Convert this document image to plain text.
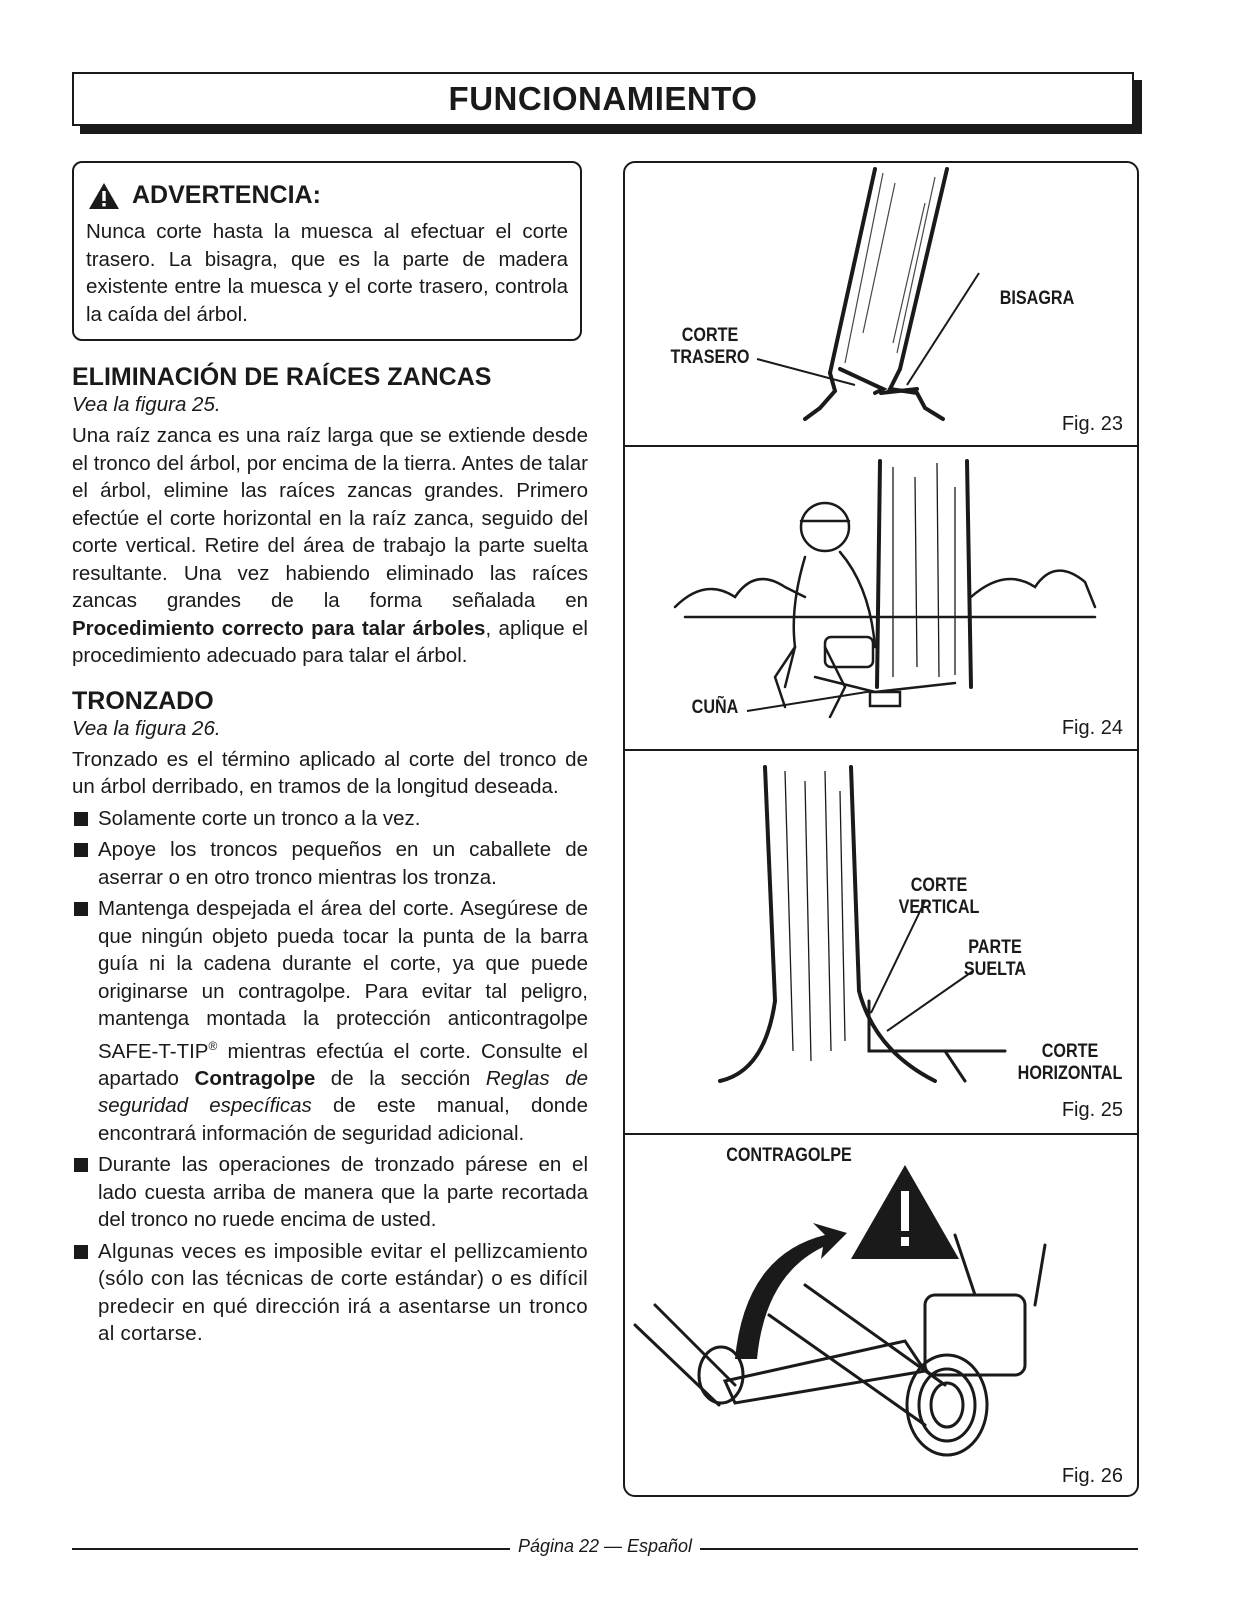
FUNCIONAMIENTO
ADVERTENCIA:

Nunca corte hasta la muesca al efectuar el corte trasero. La bisagra, que es la parte de madera existente entre la muesca y el corte trasero, controla la caída del árbol.

ELIMINACIÓN DE RAÍCES ZANCAS

Vea la figura 25.

Una raíz zanca es una raíz larga que se extiende desde el tronco del árbol, por encima de la tierra. Antes de talar el árbol, elimine las raíces zancas grandes. Primero efectúe el corte horizontal en la raíz zanca, seguido del corte vertical. Retire del área de trabajo la parte suelta resultante. Una vez habiendo eliminado las raíces zancas grandes de la forma señalada en Procedimiento correcto para talar árboles, aplique el procedimiento adecuado para talar el árbol.

TRONZADO

Vea la figura 26.

Tronzado es el término aplicado al corte del tronco de un árbol derribado, en tramos de la longitud deseada.

Solamente corte un tronco a la vez.
Apoye los troncos pequeños en un caballete de aserrar o en otro tronco mientras los tronza.
Mantenga despejada el área del corte. Asegúrese de que ningún objeto pueda tocar la punta de la barra guía ni la cadena durante el corte, ya que puede originarse un contragolpe. Para evitar tal peligro, mantenga montada la protección anticontragolpe SAFE-T-TIP® mientras efectúa el corte. Consulte el apartado Contragolpe de la sección Reglas de seguridad específicas de este manual, donde encontrará información de seguridad adicional.
Durante las operaciones de tronzado párese en el lado cuesta arriba de manera que la parte recortada del tronco no ruede encima de usted.
Algunas veces es imposible evitar el pellizcamiento (sólo con las técnicas de corte estándar) o es difícil predecir en qué dirección irá a asentarse un tronco al cortarse.
BISAGRA
CORTE
TRASERO
Fig. 23
CUÑA
Fig. 24
CORTE
VERTICAL
PARTE
SUELTA
CORTE
HORIZONTAL
Fig. 25
CONTRAGOLPE
Fig. 26
Página 22 — Español
